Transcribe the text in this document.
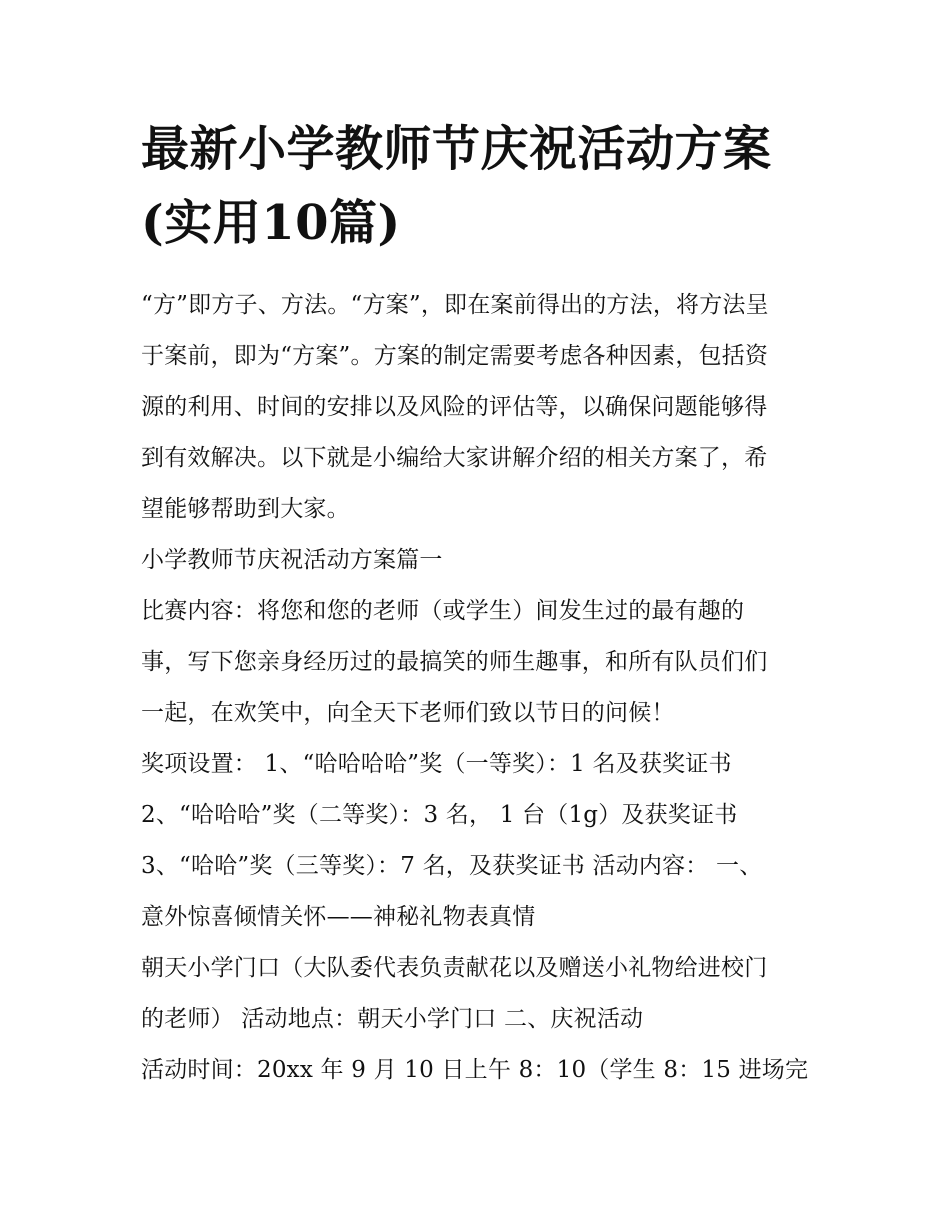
最新小学教师节庆祝活动方案
(实用10篇)

“方”即方子、方法。“方案”，即在案前得出的方法，将方法呈

于案前，即为“方案”。方案的制定需要考虑各种因素，包括资

源的利用、时间的安排以及风险的评估等，以确保问题能够得

到有效解决。以下就是小编给大家讲解介绍的相关方案了，希

望能够帮助到大家。

小学教师节庆祝活动方案篇一

比赛内容：将您和您的老师（或学生）间发生过的最有趣的

事，写下您亲身经历过的最搞笑的师生趣事，和所有队员们们

一起，在欢笑中，向全天下老师们致以节日的问候！

奖项设置： 1、“哈哈哈哈”奖（一等奖）：1 名及获奖证书

2、“哈哈哈”奖（二等奖）：3 名， 1 台（1g）及获奖证书

3、“哈哈”奖（三等奖）：7 名，及获奖证书 活动内容： 一、

意外惊喜倾情关怀——神秘礼物表真情

朝天小学门口（大队委代表负责献花以及赠送小礼物给进校门

的老师） 活动地点：朝天小学门口 二、庆祝活动

活动时间：20xx 年 9 月 10 日上午 8：10（学生 8：15 进场完
